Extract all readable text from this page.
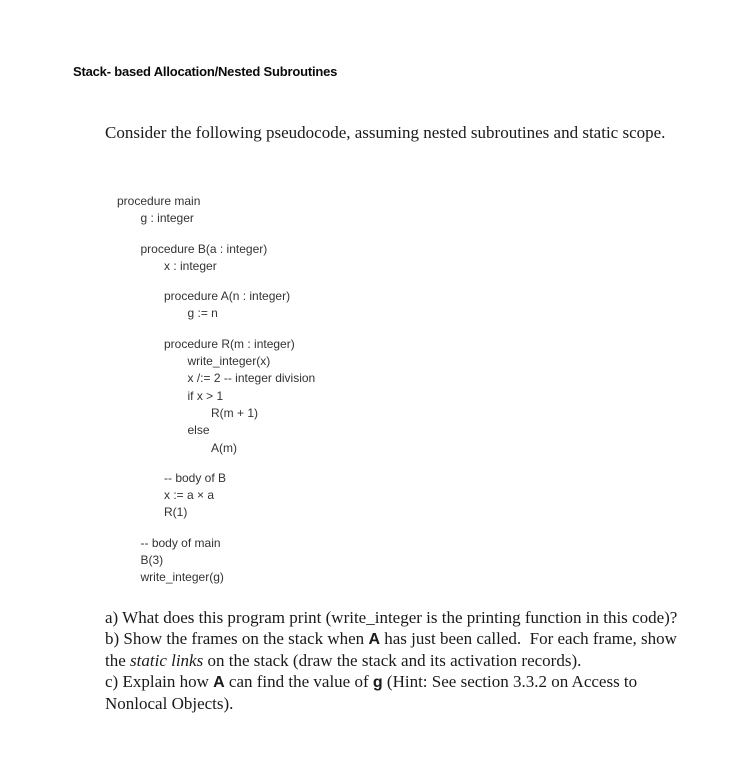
Stack- based Allocation/Nested Subroutines

Consider the following pseudocode, assuming nested subroutines and static scope.

procedure main
g : integer
procedure B(a : integer)
x : integer
procedure A(n : integer)
g := n
procedure R(m : integer)
write_integer(x)
x /:= 2 -- integer division
if x > 1
R(m + 1)
else
A(m)
-- body of B
x := a × a
R(1)
-- body of main
B(3)
write_integer(g)

a) What does this program print (write_integer is the printing function in this code)?

b) Show the frames on the stack when A has just been called.  For each frame, show the static links on the stack (draw the stack and its activation records).

c) Explain how A can find the value of g (Hint: See section 3.3.2 on Access to Nonlocal Objects).
